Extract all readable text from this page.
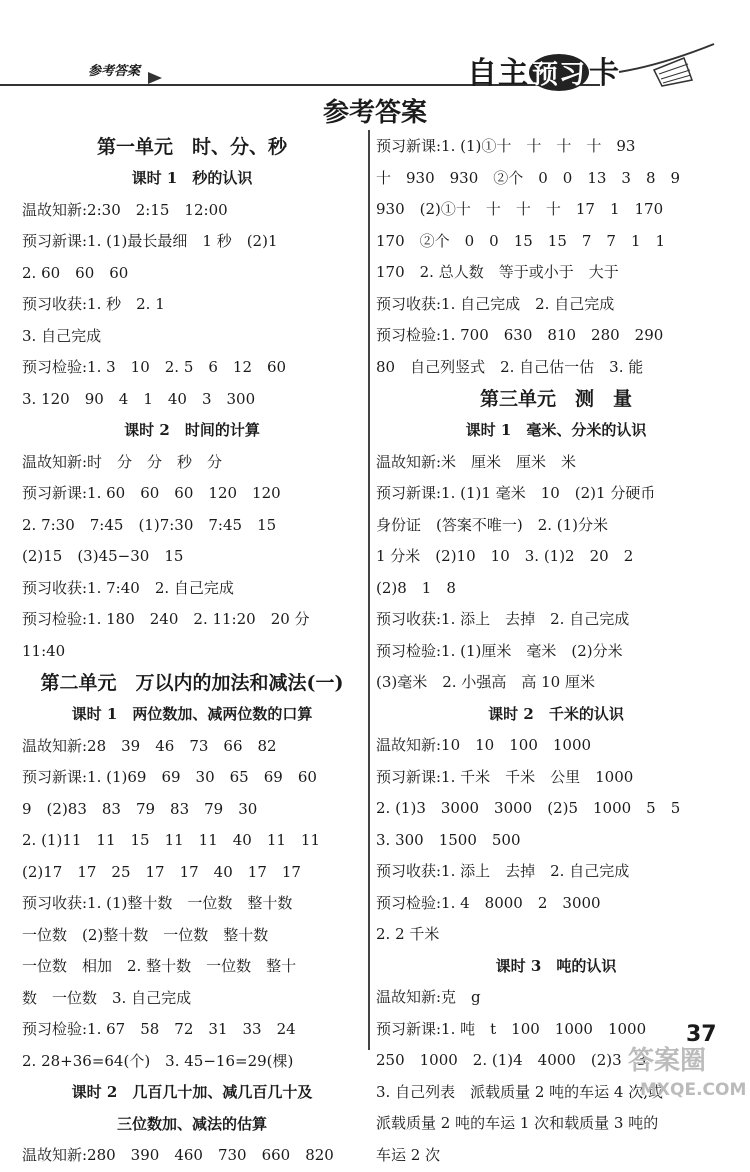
参考答案	自主 预习 卡
参考答案
第一单元　时、分、秒
课时 1　秒的认识
温故知新:2:30　2:15　12:00
预习新课:1. (1)最长最细　1 秒　(2)1
2. 60　60　60
预习收获:1. 秒　2. 1
3. 自己完成
预习检验:1. 3　10　2. 5　6　12　60
3. 120　90　4　1　40　3　300
课时 2　时间的计算
温故知新:时　分　分　秒　分
预习新课:1. 60　60　60　120　120
2. 7:30　7:45　(1)7:30　7:45　15
(2)15　(3)45−30　15
预习收获:1. 7:40　2. 自己完成
预习检验:1. 180　240　2. 11:20　20 分
11:40
第二单元　万以内的加法和减法(一)
课时 1　两位数加、减两位数的口算
温故知新:28　39　46　73　66　82
预习新课:1. (1)69　69　30　65　69　60
9　(2)83　83　79　83　79　30
2. (1)11　11　15　11　11　40　11　11
(2)17　17　25　17　17　40　17　17
预习收获:1. (1)整十数　一位数　整十数
一位数　(2)整十数　一位数　整十数
一位数　相加　2. 整十数　一位数　整十
数　一位数　3. 自己完成
预习检验:1. 67　58　72　31　33　24
2. 28+36=64(个)　3. 45−16=29(棵)
课时 2　几百几十加、减几百几十及
三位数加、减法的估算
温故知新:280　390　460　730　660　820
预习新课:1. (1)①十　十　十　十　93
十　930　930　②个　0　0　13　3　8　9
930　(2)①十　十　十　十　17　1　170
170　②个　0　0　15　15　7　7　1　1
170　2. 总人数　等于或小于　大于
预习收获:1. 自己完成　2. 自己完成
预习检验:1. 700　630　810　280　290
80　自己列竖式　2. 自己估一估　3. 能
第三单元　测　量
课时 1　毫米、分米的认识
温故知新:米　厘米　厘米　米
预习新课:1. (1)1 毫米　10　(2)1 分硬币
身份证　(答案不唯一)　2. (1)分米
1 分米　(2)10　10　3. (1)2　20　2
(2)8　1　8
预习收获:1. 添上　去掉　2. 自己完成
预习检验:1. (1)厘米　毫米　(2)分米
(3)毫米　2. 小强高　高 10 厘米
课时 2　千米的认识
温故知新:10　10　100　1000
预习新课:1. 千米　千米　公里　1000
2. (1)3　3000　3000　(2)5　1000　5　5
3. 300　1500　500
预习收获:1. 添上　去掉　2. 自己完成
预习检验:1. 4　8000　2　3000
2. 2 千米
课时 3　吨的认识
温故知新:克　g
预习新课:1. 吨　t　100　1000　1000
250　1000　2. (1)4　4000　(2)3　3
3. 自己列表　派载质量 2 吨的车运 4 次,或
派载质量 2 吨的车运 1 次和载质量 3 吨的
车运 2 次
37
答案圈
MXQE.COM
